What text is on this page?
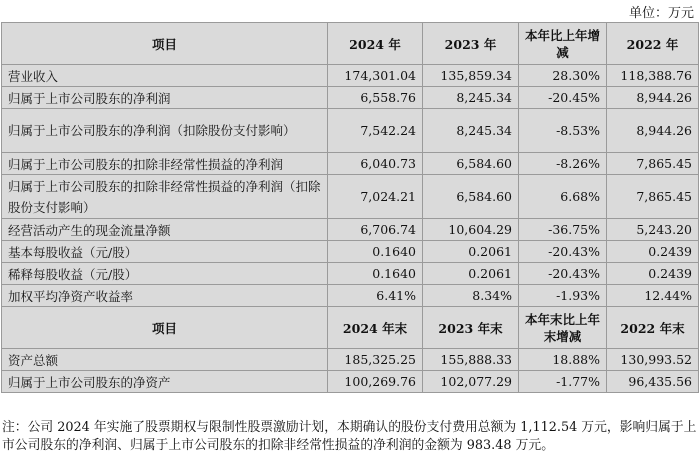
单位：万元
项目	2024 年	2023 年	本年比上年增减	2022 年
营业收入	174,301.04	135,859.34	28.30%	118,388.76
归属于上市公司股东的净利润	6,558.76	8,245.34	-20.45%	8,944.26
归属于上市公司股东的净利润（扣除股份支付影响）	7,542.24	8,245.34	-8.53%	8,944.26
归属于上市公司股东的扣除非经常性损益的净利润	6,040.73	6,584.60	-8.26%	7,865.45
归属于上市公司股东的扣除非经常性损益的净利润（扣除股份支付影响）	7,024.21	6,584.60	6.68%	7,865.45
经营活动产生的现金流量净额	6,706.74	10,604.29	-36.75%	5,243.20
基本每股收益（元/股）	0.1640	0.2061	-20.43%	0.2439
稀释每股收益（元/股）	0.1640	0.2061	-20.43%	0.2439
加权平均净资产收益率	6.41%	8.34%	-1.93%	12.44%
项目	2024 年末	2023 年末	本年末比上年末增减	2022 年末
资产总额	185,325.25	155,888.33	18.88%	130,993.52
归属于上市公司股东的净资产	100,269.76	102,077.29	-1.77%	96,435.56
注：公司 2024 年实施了股票期权与限制性股票激励计划，本期确认的股份支付费用总额为 1,112.54 万元，影响归属于上市公司股东的净利润、归属于上市公司股东的扣除非经常性损益的净利润的金额为 983.48 万元。
